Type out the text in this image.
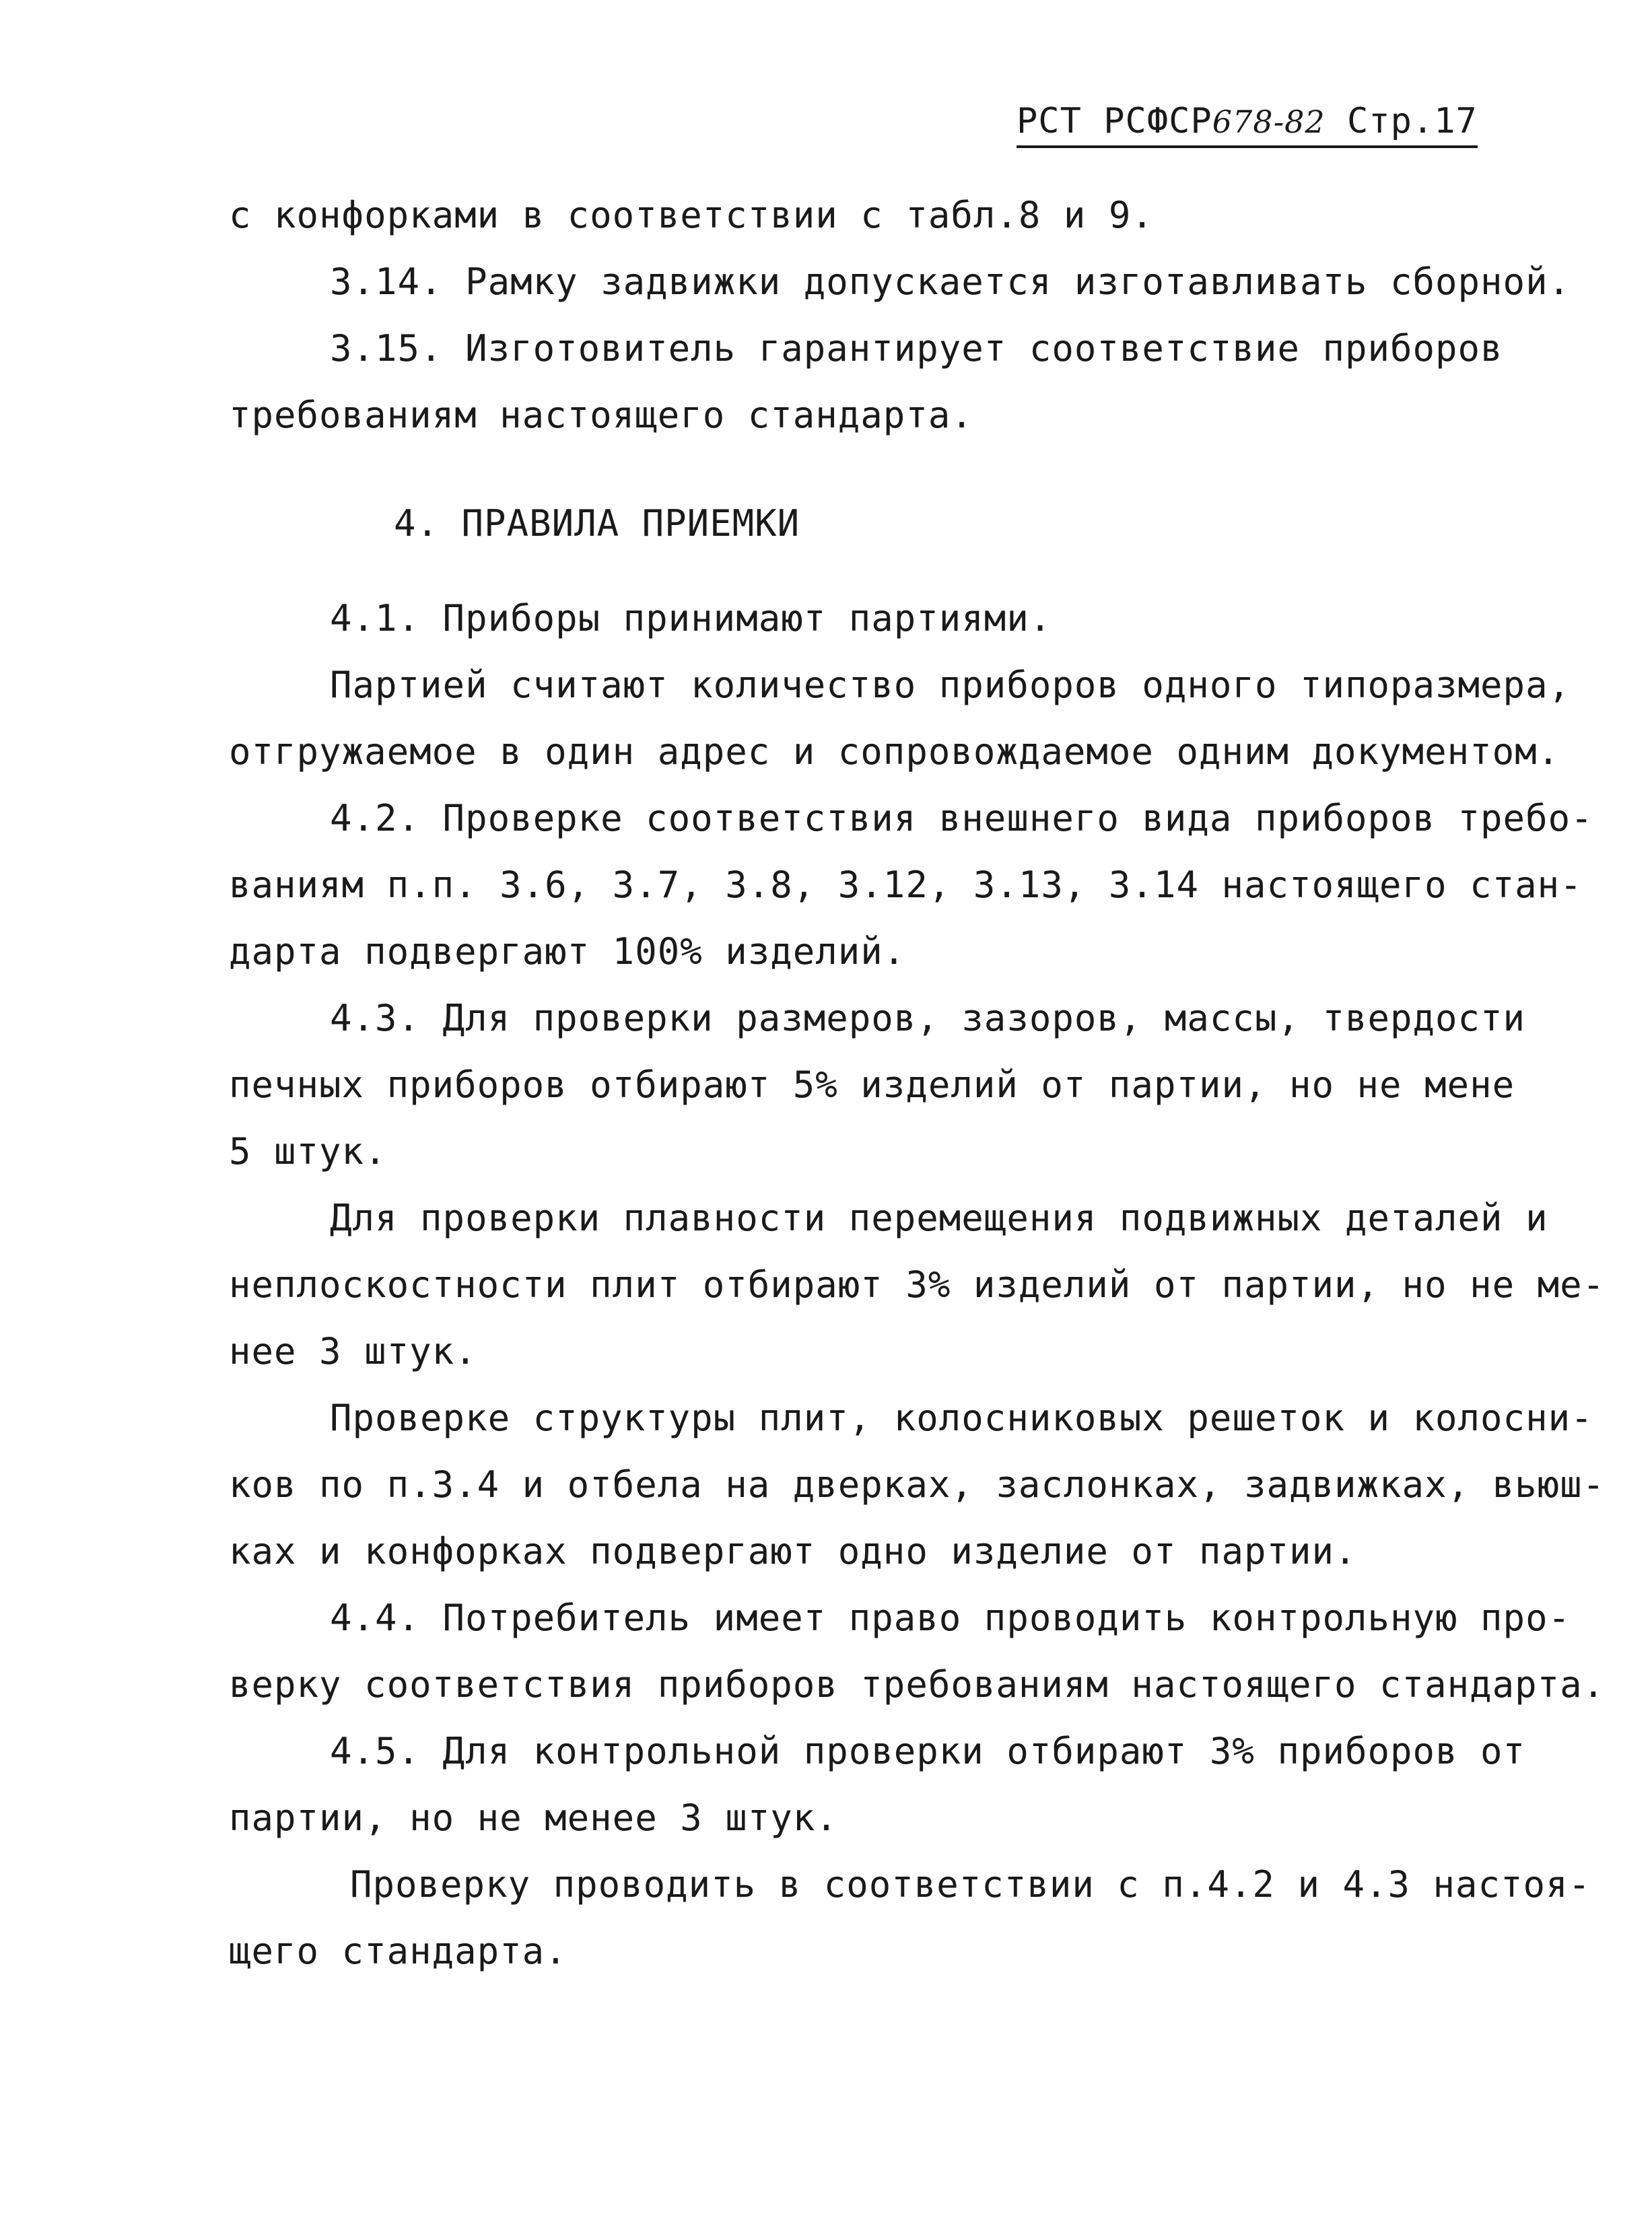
РСТ РСФСР678-82 Стр.17
с конфорками в соответствии с табл.8 и 9.
3.14. Рамку задвижки допускается изготавливать сборной.
3.15. Изготовитель гарантирует соответствие приборов
требованиям настоящего стандарта.
4. ПРАВИЛА ПРИЕМКИ
4.1. Приборы принимают партиями.
Партией считают количество приборов одного типоразмера,
отгружаемое в один адрес и сопровождаемое одним документом.
4.2. Проверке соответствия внешнего вида приборов требо-
ваниям п.п. 3.6, 3.7, 3.8, 3.12, 3.13, 3.14 настоящего стан-
дарта подвергают 100% изделий.
4.3. Для проверки размеров, зазоров, массы, твердости
печных приборов отбирают 5% изделий от партии, но не мене
5 штук.
Для проверки плавности перемещения подвижных деталей и
неплоскостности плит отбирают 3% изделий от партии, но не ме-
нее 3 штук.
Проверке структуры плит, колосниковых решеток и колосни-
ков по п.3.4 и отбела на дверках, заслонках, задвижках, вьюш-
ках и конфорках подвергают одно изделие от партии.
4.4. Потребитель имеет право проводить контрольную про-
верку соответствия приборов требованиям настоящего стандарта.
4.5. Для контрольной проверки отбирают 3% приборов от
партии, но не менее 3 штук.
Проверку проводить в соответствии с п.4.2 и 4.3 настоя-
щего стандарта.
